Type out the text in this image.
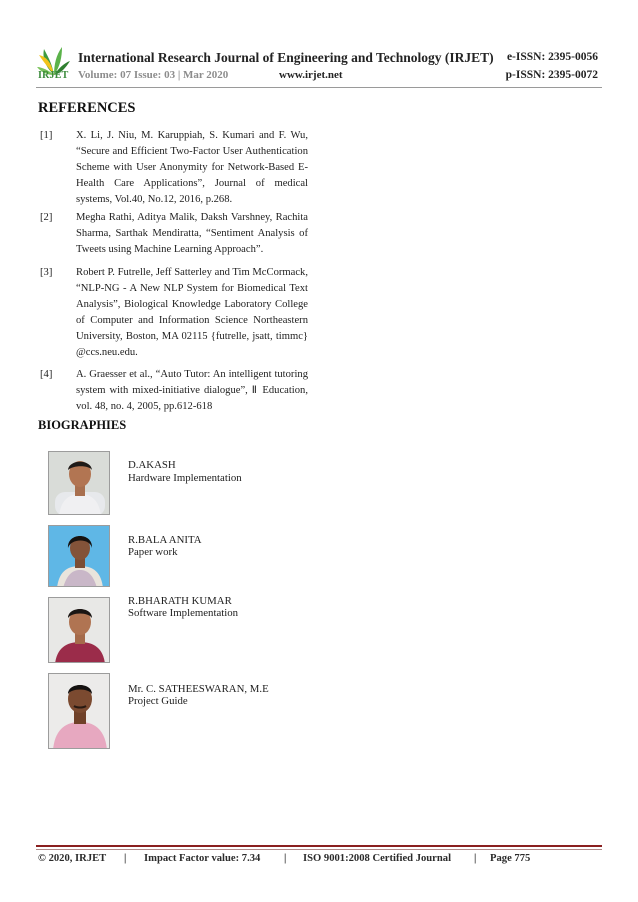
IRJET
International Research Journal of Engineering and Technology (IRJET)
Volume: 07 Issue: 03 | Mar 2020	www.irjet.net
e-ISSN: 2395-0056
p-ISSN: 2395-0072
REFERENCES
[1] X. Li, J. Niu, M. Karuppiah, S. Kumari and F. Wu, “Secure and Efficient Two-Factor User Authentication Scheme with User Anonymity for Network-Based E-Health Care Applications”, Journal of medical systems, Vol.40, No.12, 2016, p.268.
[2] Megha Rathi, Aditya Malik, Daksh Varshney, Rachita Sharma, Sarthak Mendiratta, “Sentiment Analysis of Tweets using Machine Learning Approach”.
[3] Robert P. Futrelle, Jeff Satterley and Tim McCormack, “NLP-NG - A New NLP System for Biomedical Text Analysis”, Biological Knowledge Laboratory College of Computer and Information Science Northeastern University, Boston, MA 02115 {futrelle, jsatt, timmc} @ccs.neu.edu.
[4] A. Graesser et al., “Auto Tutor: An intelligent tutoring system with mixed-initiative dialogue”, Ⅱ Education, vol. 48, no. 4, 2005, pp.612-618
BIOGRAPHIES
D.AKASH
Hardware Implementation
R.BALA ANITA
Paper work
R.BHARATH KUMAR
Software Implementation
Mr. C. SATHEESWARAN, M.E
Project Guide
© 2020, IRJET | Impact Factor value: 7.34 | ISO 9001:2008 Certified Journal | Page 775
